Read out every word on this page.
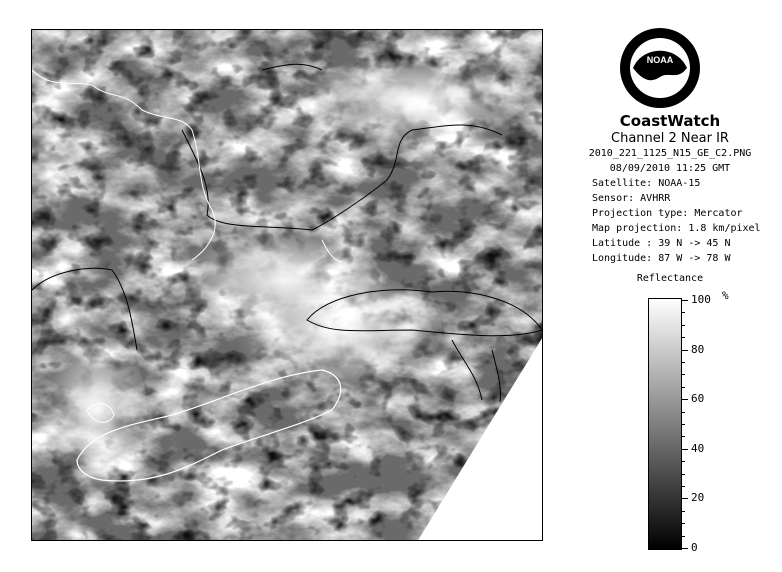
NOAA
CoastWatch
Channel 2 Near IR
2010_221_1125_N15_GE_C2.PNG
08/09/2010 11:25 GMT
Satellite: NOAA-15
Sensor: AVHRR
Projection type: Mercator
Map projection: 1.8 km/pixel
Latitude : 39 N -> 45 N
Longitude: 87 W -> 78 W
Reflectance
100
80
60
40
20
0
%
